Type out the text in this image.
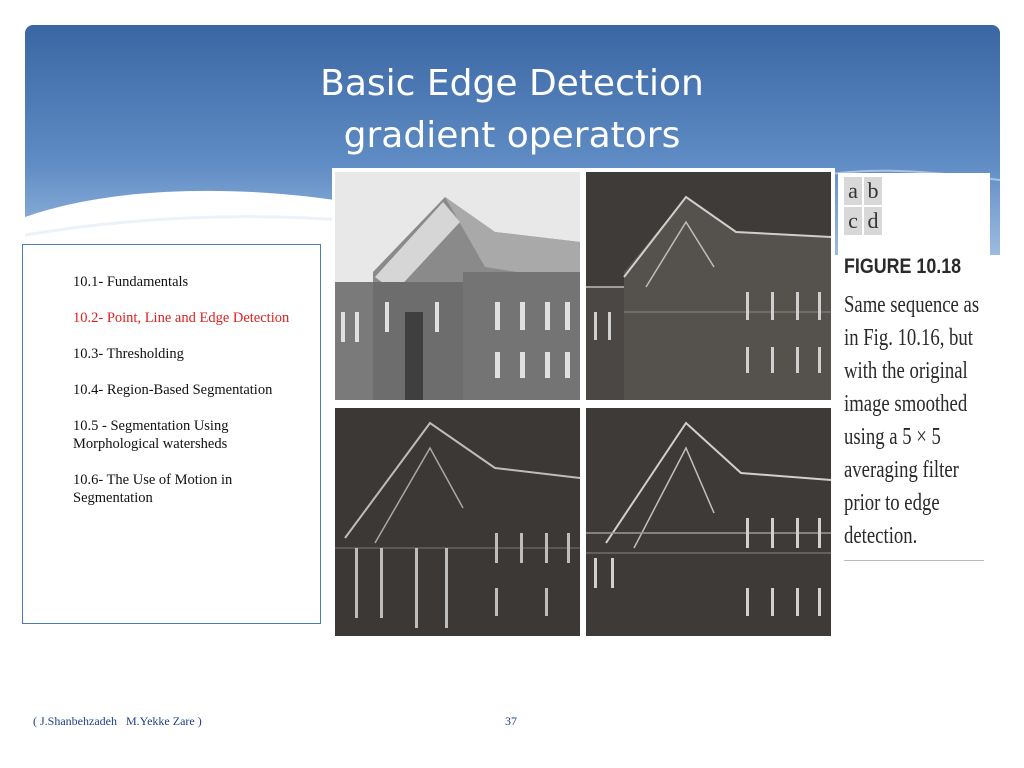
Basic Edge Detection
gradient operators
10.1- Fundamentals
10.2- Point, Line and Edge Detection
10.3- Thresholding
10.4- Region-Based Segmentation
10.5 - Segmentation Using Morphological watersheds
10.6- The Use of Motion in Segmentation
a b
c d
FIGURE 10.18
Same sequence as in Fig. 10.16, but with the original image smoothed using a 5 × 5 averaging filter prior to edge detection.
( J.Shanbehzadeh   M.Yekke Zare )	37
